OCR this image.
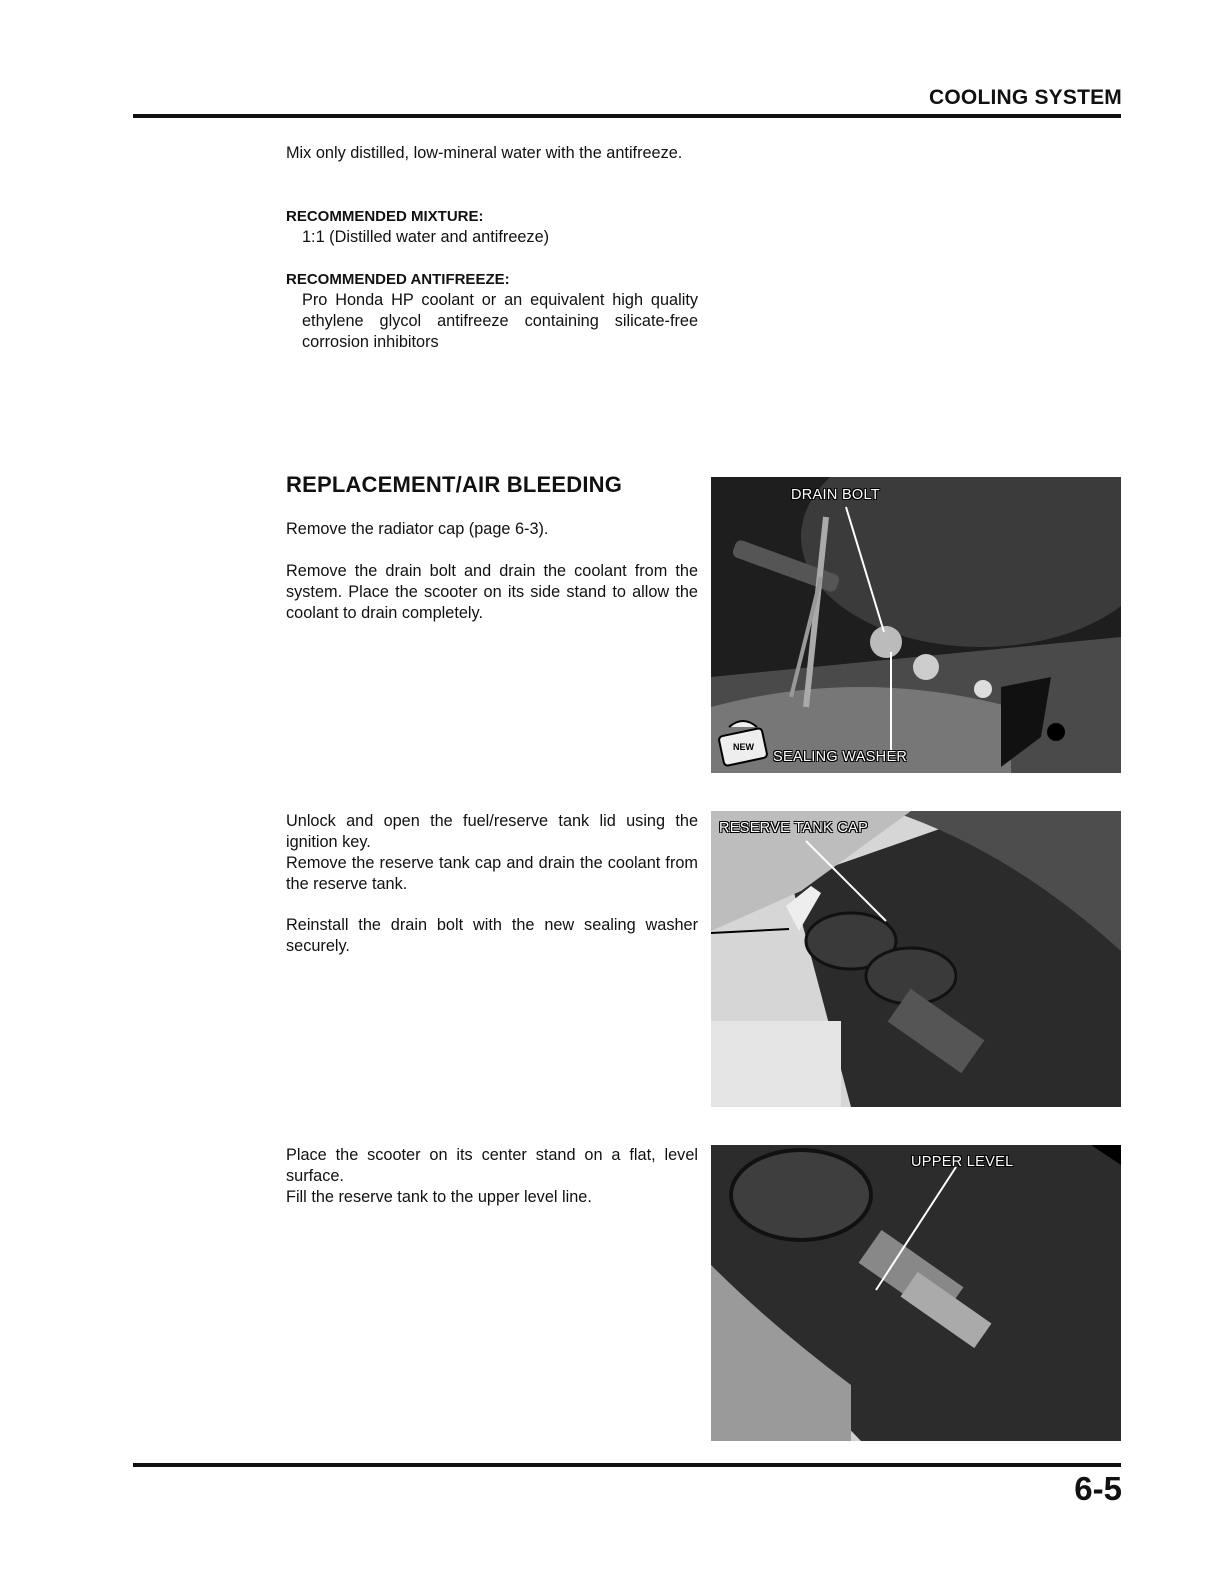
COOLING SYSTEM

Mix only distilled, low-mineral water with the antifreeze.

RECOMMENDED MIXTURE:

1:1 (Distilled water and antifreeze)

RECOMMENDED ANTIFREEZE:

Pro Honda HP coolant or an equivalent high quality ethylene glycol antifreeze containing silicate-free corrosion inhibitors

REPLACEMENT/AIR BLEEDING

Remove the radiator cap (page 6-3).

Remove the drain bolt and drain the coolant from the system. Place the scooter on its side stand to allow the coolant to drain completely.

Unlock and open the fuel/reserve tank lid using the ignition key.

Remove the reserve tank cap and drain the coolant from the reserve tank.

Reinstall the drain bolt with the new sealing washer securely.

Place the scooter on its center stand on a flat, level surface.

Fill the reserve tank to the upper level line.

NEW
DRAIN BOLT
SEALING WASHER
RESERVE TANK CAP
UPPER LEVEL
6-5
